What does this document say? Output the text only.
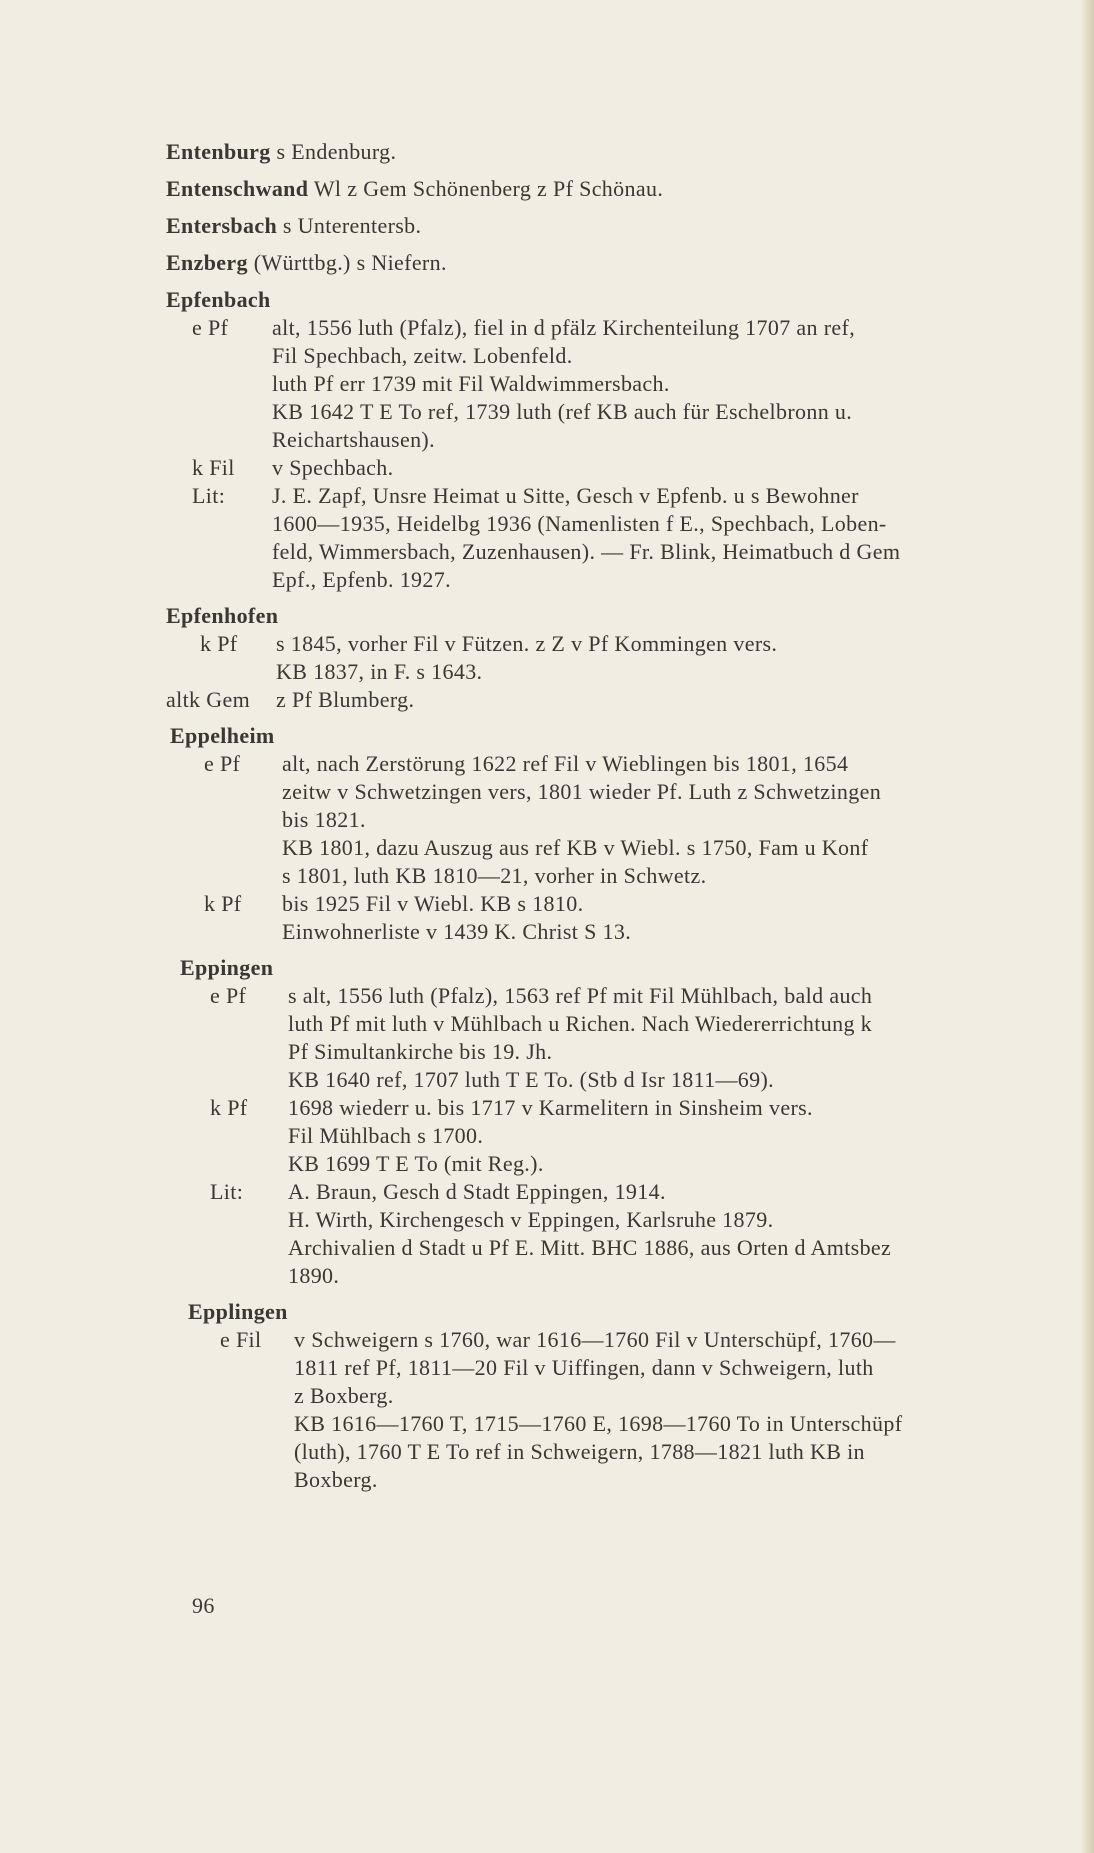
Entenburg s Endenburg.
Entenschwand Wl z Gem Schönenberg z Pf Schönau.
Entersbach s Unterentersb.
Enzberg (Württbg.) s Niefern.
Epfenbach
e Pf alt, 1556 luth (Pfalz), fiel in d pfälz Kirchenteilung 1707 an ref,
Fil Spechbach, zeitw. Lobenfeld.
luth Pf err 1739 mit Fil Waldwimmersbach.
KB 1642 T E To ref, 1739 luth (ref KB auch für Eschelbronn u.
Reichartshausen).
k Fil v Spechbach.
Lit: J. E. Zapf, Unsre Heimat u Sitte, Gesch v Epfenb. u s Bewohner
1600—1935, Heidelbg 1936 (Namenlisten f E., Spechbach, Loben-
feld, Wimmersbach, Zuzenhausen). — Fr. Blink, Heimatbuch d Gem
Epf., Epfenb. 1927.
Epfenhofen
k Pf s 1845, vorher Fil v Fützen. z Z v Pf Kommingen vers.
KB 1837, in F. s 1643.
altk Gem z Pf Blumberg.
Eppelheim
e Pf alt, nach Zerstörung 1622 ref Fil v Wieblingen bis 1801, 1654
zeitw v Schwetzingen vers, 1801 wieder Pf. Luth z Schwetzingen
bis 1821.
KB 1801, dazu Auszug aus ref KB v Wiebl. s 1750, Fam u Konf
s 1801, luth KB 1810—21, vorher in Schwetz.
k Pf bis 1925 Fil v Wiebl. KB s 1810.
Einwohnerliste v 1439 K. Christ S 13.
Eppingen
e Pf s alt, 1556 luth (Pfalz), 1563 ref Pf mit Fil Mühlbach, bald auch
luth Pf mit luth v Mühlbach u Richen. Nach Wiedererrichtung k
Pf Simultankirche bis 19. Jh.
KB 1640 ref, 1707 luth T E To. (Stb d Isr 1811—69).
k Pf 1698 wiederr u. bis 1717 v Karmelitern in Sinsheim vers.
Fil Mühlbach s 1700.
KB 1699 T E To (mit Reg.).
Lit: A. Braun, Gesch d Stadt Eppingen, 1914.
H. Wirth, Kirchengesch v Eppingen, Karlsruhe 1879.
Archivalien d Stadt u Pf E. Mitt. BHC 1886, aus Orten d Amtsbez
1890.
Epplingen
e Fil v Schweigern s 1760, war 1616—1760 Fil v Unterschüpf, 1760—
1811 ref Pf, 1811—20 Fil v Uiffingen, dann v Schweigern, luth
z Boxberg.
KB 1616—1760 T, 1715—1760 E, 1698—1760 To in Unterschüpf
(luth), 1760 T E To ref in Schweigern, 1788—1821 luth KB in
Boxberg.
96
